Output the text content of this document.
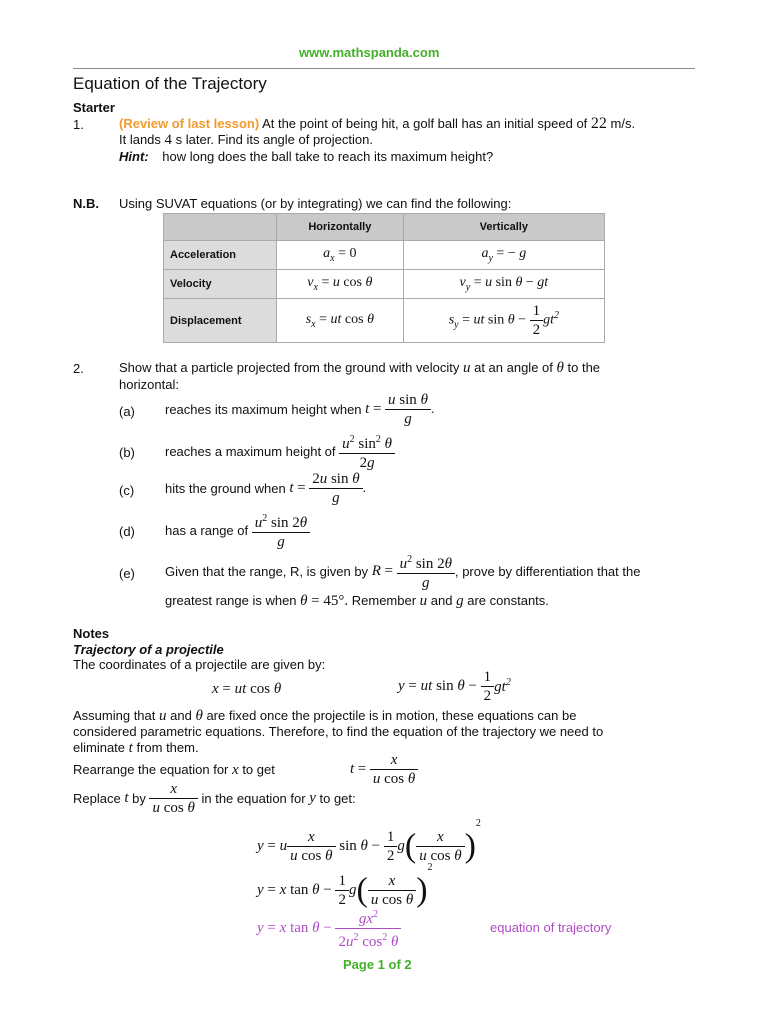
www.mathspanda.com
Equation of the Trajectory
Starter
1.	(Review of last lesson) At the point of being hit, a golf ball has an initial speed of 22 m/s.
It lands 4 s later. Find its angle of projection.
Hint: how long does the ball take to reach its maximum height?
N.B. Using SUVAT equations (or by integrating) we can find the following:
	Horizontally	Vertically
Acceleration	$a_x = 0$	$a_y$ = − g
Velocity	$v_x = u$ cos θ	$v_y = u$ sin θ − gt
Displacement	$s_x$ = ut cos θ	$s_y$ = ut $\sin \theta - \frac{1}{2} gt^2$
2.	Show that a particle projected from the ground with velocity u at an angle of θ to the
horizontal:
(a) reaches its maximum height when $t = \frac{\text{u sin θ}}{g}$ .
(b) reaches a maximum height of $\frac{u^2 \sin^2 \theta}{2g}$
(c) hits the ground when $t = \frac{\text{2u sin θ}}{g}$ .
(d) has a range of $\frac{u^2 \sin 2\theta}{g}$
(e) Given that the range, R, is given by $R = \frac{u^2 \sin 2\theta}{g}$ , prove by differentiation that the
greatest range is when θ = 45°. Remember u and g are constants.
Notes
Trajectory of a projectile
The coordinates of a projectile are given by:
x = ut cos θ	y = ut $\sin \theta - \frac{1}{2} gt^2$
Assuming that u and θ are fixed once the projectile is in motion, these equations can be
considered parametric equations. Therefore, to find the equation of the trajectory we need to
eliminate t from them.
Rearrange the equation for x to get	$t = \frac{x}{\text{u cos θ}}$
Replace t by $\frac{x}{\text{u cos θ}}$ in the equation for y to get:
y = u $\frac{x}{\text{u cos θ}}$ $\sin \theta - \frac{1}{2} g( \frac{x}{\text{u cos θ}} )^2$
y = x $\tan \theta - \frac{1}{2} g( \frac{x}{\text{u cos θ}} )^2$
y = x $\tan \theta - \frac{gx^2}{2u^2 \cos^2 \theta}$	equation of trajectory
Page 1 of 2
